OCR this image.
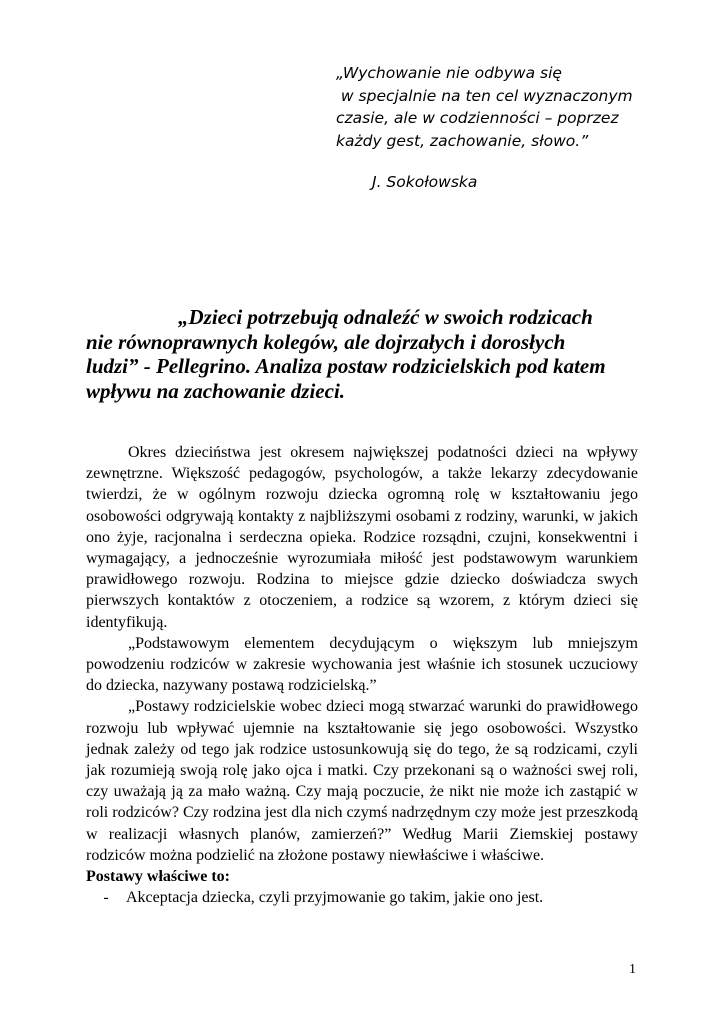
„Wychowanie nie odbywa się
w specjalnie na ten cel wyznaczonym
czasie, ale w codzienności – poprzez
każdy gest, zachowanie, słowo.”
J. Sokołowska
„Dzieci potrzebują odnaleźć w swoich rodzicach
nie równoprawnych kolegów, ale dojrzałych i dorosłych
ludzi” - Pellegrino. Analiza postaw rodzicielskich pod katem
wpływu na zachowanie dzieci.

Okres dzieciństwa jest okresem największej podatności dzieci na wpływy zewnętrzne. Większość pedagogów, psychologów, a także lekarzy zdecydowanie twierdzi, że w ogólnym rozwoju dziecka ogromną rolę w kształtowaniu jego osobowości odgrywają kontakty z najbliższymi osobami z rodziny, warunki, w jakich ono żyje, racjonalna i serdeczna opieka. Rodzice rozsądni, czujni, konsekwentni i wymagający, a jednocześnie wyrozumiała miłość jest podstawowym warunkiem prawidłowego rozwoju. Rodzina to miejsce gdzie dziecko doświadcza swych pierwszych kontaktów z otoczeniem, a rodzice są wzorem, z którym dzieci się identyfikują.

„Podstawowym elementem decydującym o większym lub mniejszym powodzeniu rodziców w zakresie wychowania jest właśnie ich stosunek uczuciowy do dziecka, nazywany postawą rodzicielską.”

„Postawy rodzicielskie wobec dzieci mogą stwarzać warunki do prawidłowego rozwoju lub wpływać ujemnie na kształtowanie się jego osobowości. Wszystko jednak zależy od tego jak rodzice ustosunkowują się do tego, że są rodzicami, czyli jak rozumieją swoją rolę jako ojca i matki. Czy przekonani są o ważności swej roli, czy uważają ją za mało ważną. Czy mają poczucie, że nikt nie może ich zastąpić w roli rodziców? Czy rodzina jest dla nich czymś nadrzędnym czy może jest przeszkodą w realizacji własnych planów, zamierzeń?” Według Marii Ziemskiej postawy rodziców można podzielić na złożone postawy niewłaściwe i właściwe.

Postawy właściwe to:

-	Akceptacja dziecka, czyli przyjmowanie go takim, jakie ono jest.
1
